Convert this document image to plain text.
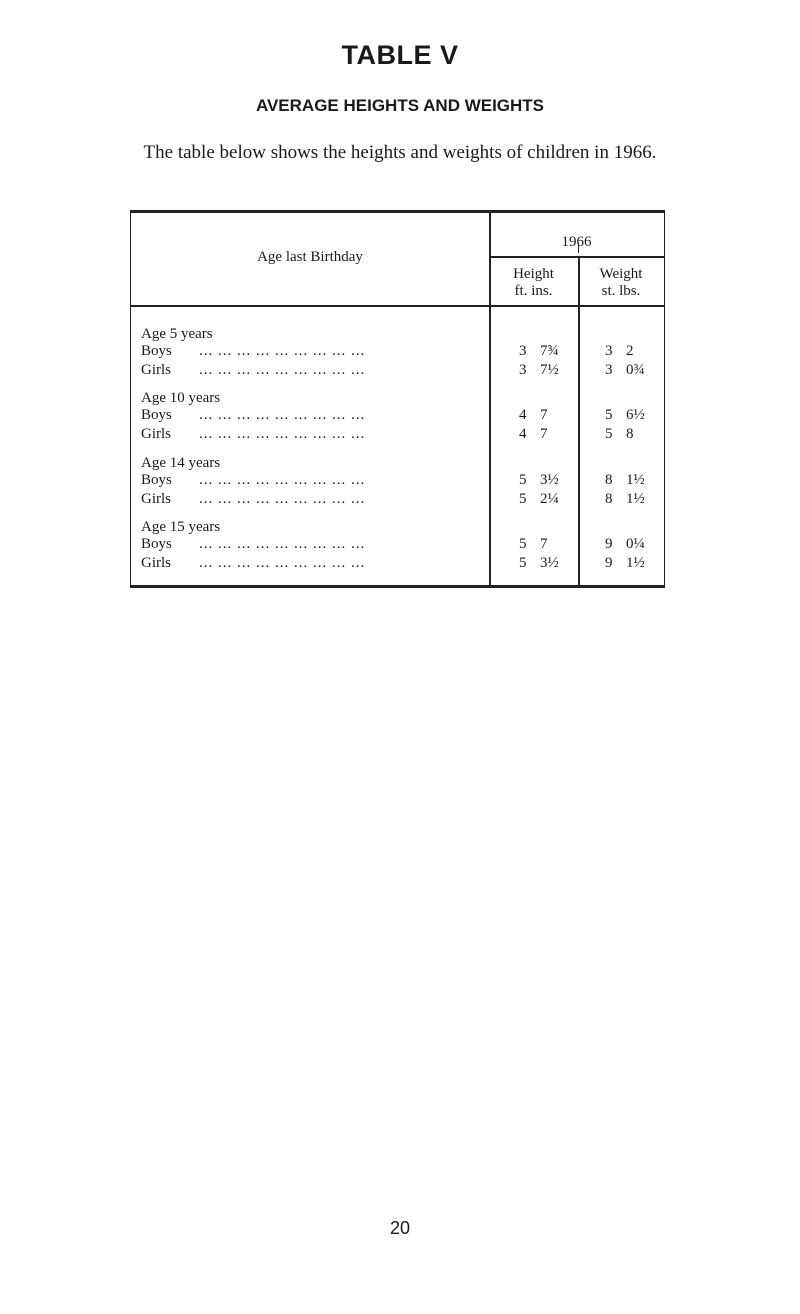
TABLE V
AVERAGE HEIGHTS AND WEIGHTS
The table below shows the heights and weights of children in 1966.
Age last Birthday
1966
Height
ft. ins.
Weight
st. lbs.
Age 5 years
Boys	... ... ... ... ... ... ... ... ...	3 7¾	3 2
Girls	... ... ... ... ... ... ... ... ...	3 7½	3 0¾
Age 10 years
Boys	... ... ... ... ... ... ... ... ...	4 7	5 6½
Girls	... ... ... ... ... ... ... ... ...	4 7	5 8
Age 14 years
Boys	... ... ... ... ... ... ... ... ...	5 3½	8 1½
Girls	... ... ... ... ... ... ... ... ...	5 2¼	8 1½
Age 15 years
Boys	... ... ... ... ... ... ... ... ...	5 7	9 0¼
Girls	... ... ... ... ... ... ... ... ...	5 3½	9 1½
20
